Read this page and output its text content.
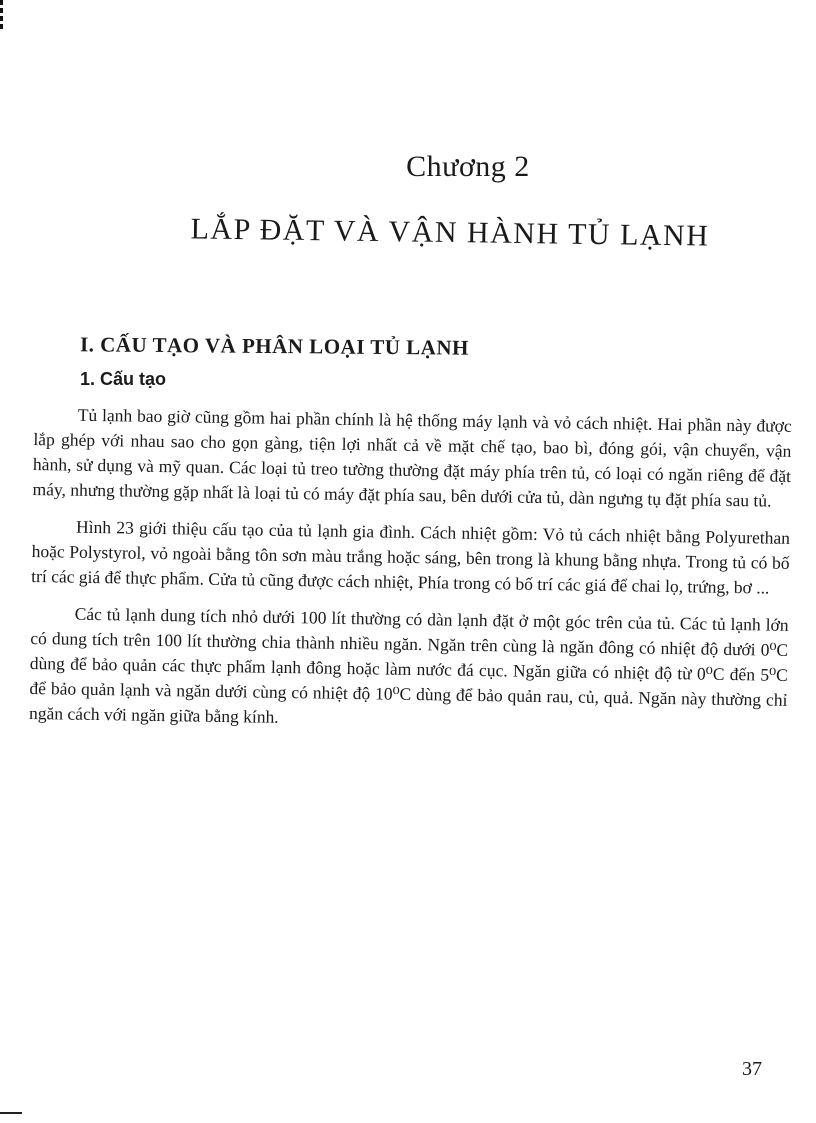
Chương 2
LẮP ĐẶT VÀ VẬN HÀNH TỦ LẠNH
I. CẤU TẠO VÀ PHÂN LOẠI TỦ LẠNH
1. Cấu tạo

Tủ lạnh bao giờ cũng gồm hai phần chính là hệ thống máy lạnh và vỏ cách nhiệt. Hai phần này được lắp ghép với nhau sao cho gọn gàng, tiện lợi nhất cả về mặt chế tạo, bao bì, đóng gói, vận chuyển, vận hành, sử dụng và mỹ quan. Các loại tủ treo tường thường đặt máy phía trên tủ, có loại có ngăn riêng để đặt máy, nhưng thường gặp nhất là loại tủ có máy đặt phía sau, bên dưới cửa tủ, dàn ngưng tụ đặt phía sau tủ.

Hình 23 giới thiệu cấu tạo của tủ lạnh gia đình. Cách nhiệt gồm: Vỏ tủ cách nhiệt bằng Polyurethan hoặc Polystyrol, vỏ ngoài bằng tôn sơn màu trắng hoặc sáng, bên trong là khung bằng nhựa. Trong tủ có bố trí các giá để thực phẩm. Cửa tủ cũng được cách nhiệt, Phía trong có bố trí các giá để chai lọ, trứng, bơ ...

Các tủ lạnh dung tích nhỏ dưới 100 lít thường có dàn lạnh đặt ở một góc trên của tủ. Các tủ lạnh lớn có dung tích trên 100 lít thường chia thành nhiều ngăn. Ngăn trên cùng là ngăn đông có nhiệt độ dưới 0⁰C dùng để bảo quản các thực phẩm lạnh đông hoặc làm nước đá cục. Ngăn giữa có nhiệt độ từ 0⁰C đến 5⁰C để bảo quản lạnh và ngăn dưới cùng có nhiệt độ 10⁰C dùng để bảo quản rau, củ, quả. Ngăn này thường chỉ ngăn cách với ngăn giữa bằng kính.

37
